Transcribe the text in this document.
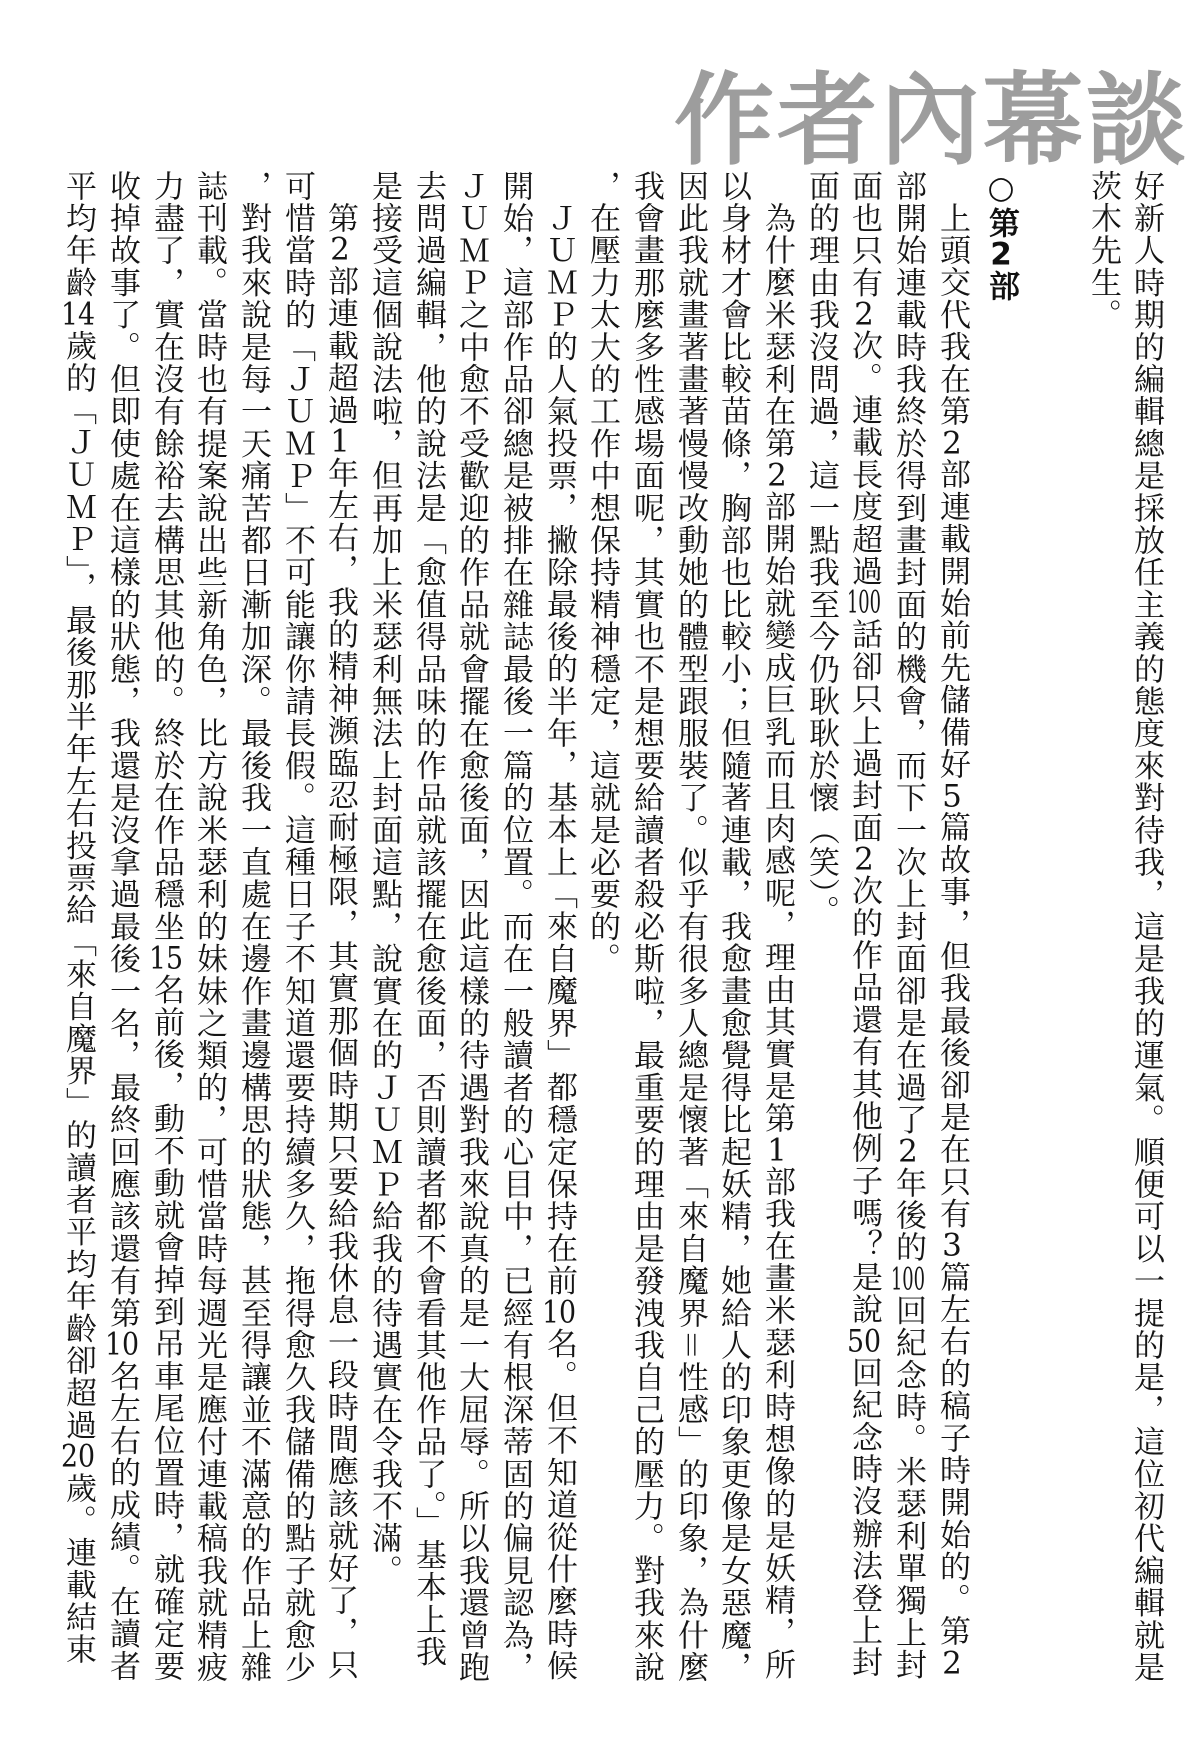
作者內幕談
好新人時期的編輯總是採放任主義的態度來對待我，這是我的運氣。順便可以一提的是，這位初代編輯就是
茨木先生。
○第2部
上頭交代我在第2部連載開始前先儲備好5篇故事，但我最後卻是在只有3篇左右的稿子時開始的。第2
部開始連載時我終於得到畫封面的機會，而下一次上封面卻是在過了2年後的100回紀念時。米瑟利單獨上封
面也只有2次。連載長度超過100話卻只上過封面2次的作品還有其他例子嗎？是說50回紀念時沒辦法登上封
面的理由我沒問過，這一點我至今仍耿耿於懷（笑）。
為什麼米瑟利在第2部開始就變成巨乳而且肉感呢，理由其實是第1部我在畫米瑟利時想像的是妖精，所
以身材才會比較苗條，胸部也比較小；但隨著連載，我愈畫愈覺得比起妖精，她給人的印象更像是女惡魔，
因此我就畫著畫著慢慢改動她的體型跟服裝了。似乎有很多人總是懷著「來自魔界＝性感」的印象，為什麼
我會畫那麼多性感場面呢，其實也不是想要給讀者殺必斯啦，最重要的理由是發洩我自己的壓力。對我來說
，在壓力太大的工作中想保持精神穩定，這就是必要的。
ＪＵＭＰ的人氣投票，撇除最後的半年，基本上「來自魔界」都穩定保持在前10名。但不知道從什麼時候
開始，這部作品卻總是被排在雜誌最後一篇的位置。而在一般讀者的心目中，已經有根深蒂固的偏見認為，
ＪＵＭＰ之中愈不受歡迎的作品就會擺在愈後面，因此這樣的待遇對我來說真的是一大屈辱。所以我還曾跑
去問過編輯，他的說法是「愈值得品味的作品就該擺在愈後面，否則讀者都不會看其他作品了。」基本上我
是接受這個說法啦，但再加上米瑟利無法上封面這點，說實在的ＪＵＭＰ給我的待遇實在令我不滿。
第2部連載超過1年左右，我的精神瀕臨忍耐極限，其實那個時期只要給我休息一段時間應該就好了，只
可惜當時的「ＪＵＭＰ」不可能讓你請長假。這種日子不知道還要持續多久，拖得愈久我儲備的點子就愈少
，對我來說是每一天痛苦都日漸加深。最後我一直處在邊作畫邊構思的狀態，甚至得讓並不滿意的作品上雜
誌刊載。當時也有提案說出些新角色，比方說米瑟利的妹妹之類的，可惜當時每週光是應付連載稿我就精疲
力盡了，實在沒有餘裕去構思其他的。終於在作品穩坐15名前後，動不動就會掉到吊車尾位置時，就確定要
收掉故事了。但即使處在這樣的狀態，我還是沒拿過最後一名，最終回應該還有第10名左右的成績。在讀者
平均年齡14歲的「ＪＵＭＰ」，最後那半年左右投票給「來自魔界」的讀者平均年齡卻超過20歲。連載結束
